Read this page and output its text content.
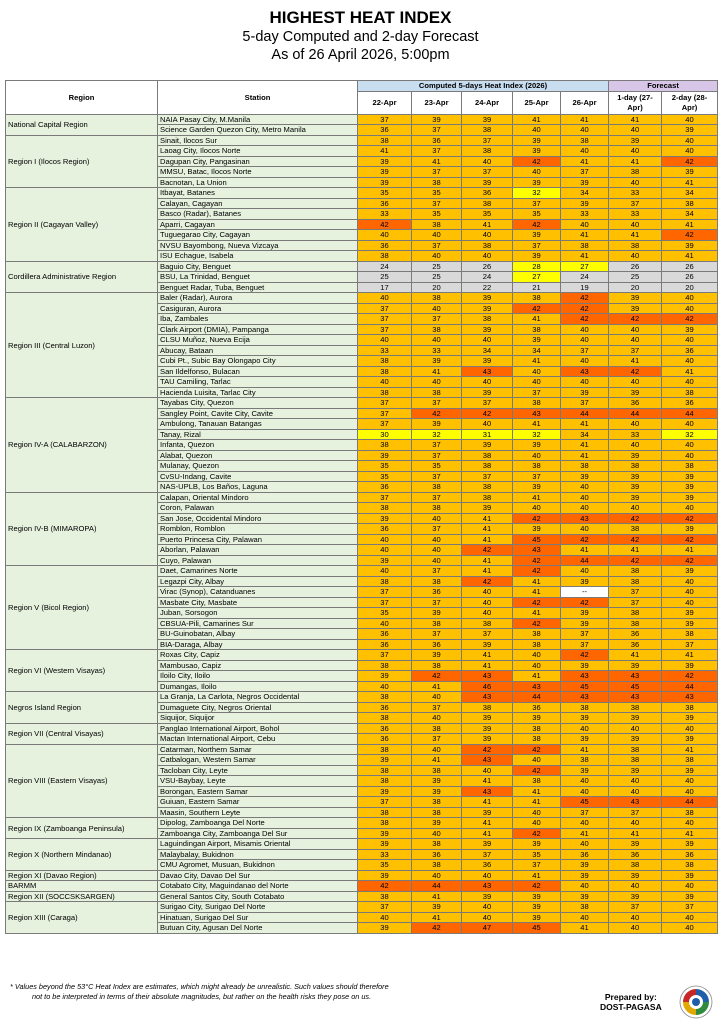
HIGHEST HEAT INDEX
5-day Computed and 2-day Forecast
As of 26 April 2026, 5:00pm
Region	Station	Computed 5-days Heat Index (2026)					Forecast	
		22-Apr	23-Apr	24-Apr	25-Apr	26-Apr	1-day (27-Apr)	2-day (28-Apr)
National Capital Region	NAIA Pasay City, M.Manila	37	39	39	41	41	41	40
	Science Garden Quezon City, Metro Manila	36	37	38	40	40	40	39
Region I (Ilocos Region)	Sinait, Ilocos Sur	38	36	37	39	38	39	40
	Laoag City, Ilocos Norte	41	37	38	39	40	40	40
	Dagupan City, Pangasinan	39	41	40	42	41	41	42
	MMSU, Batac, Ilocos Norte	39	37	37	40	37	38	39
	Bacnotan, La Union	39	38	39	39	39	40	41
Region II (Cagayan Valley)	Itbayat, Batanes	35	35	36	32	34	33	34
	Calayan, Cagayan	36	37	38	37	39	37	38
	Basco (Radar), Batanes	33	35	35	35	33	33	34
	Aparri, Cagayan	42	38	41	42	40	40	41
	Tuguegarao City, Cagayan	40	40	40	39	41	41	42
	NVSU Bayombong, Nueva Vizcaya	36	37	38	37	38	38	39
	ISU Echague, Isabela	38	40	40	39	41	40	41
Cordillera Administrative Region	Baguio City, Benguet	24	25	26	28	27	26	26
	BSU, La Trinidad, Benguet	25	25	24	27	24	25	26
	Benguet Radar, Tuba, Benguet	17	20	22	21	19	20	20
Region III (Central Luzon)	Baler (Radar), Aurora	40	38	39	38	42	39	40
	Casiguran, Aurora	37	40	39	42	42	39	40
	Iba, Zambales	37	37	38	41	42	42	42
	Clark Airport (DMIA), Pampanga	37	38	39	38	40	40	39
	CLSU Muñoz, Nueva Ecija	40	40	40	39	40	40	40
	Abucay, Bataan	33	33	34	34	37	37	36
	Cubi Pt., Subic Bay Olongapo City	38	39	39	41	40	41	40
	San Ildelfonso, Bulacan	38	41	43	40	43	42	41
	TAU Camiling, Tarlac	40	40	40	40	40	40	40
	Hacienda Luisita, Tarlac City	38	38	39	37	39	39	38
Region IV-A (CALABARZON)	Tayabas City, Quezon	37	37	37	38	37	36	36
	Sangley Point, Cavite City, Cavite	37	42	42	43	44	44	44
	Ambulong, Tanauan Batangas	37	39	40	41	41	40	40
	Tanay, Rizal	30	32	31	32	34	33	32
	Infanta, Quezon	38	37	39	39	41	40	40
	Alabat, Quezon	39	37	38	40	41	39	40
	Mulanay, Quezon	35	35	38	38	38	38	38
	CvSU-Indang, Cavite	35	37	37	37	39	39	39
	NAS-UPLB, Los Baños, Laguna	36	38	38	39	40	39	39
Region IV-B (MIMAROPA)	Calapan, Oriental Mindoro	37	37	38	41	40	39	39
	Coron, Palawan	38	38	39	40	40	40	40
	San Jose, Occidental Mindoro	39	40	41	42	43	42	42
	Romblon, Romblon	36	37	41	39	40	38	39
	Puerto Princesa City, Palawan	40	40	41	45	42	42	42
	Aborlan, Palawan	40	40	42	43	41	41	41
	Cuyo, Palawan	39	40	41	42	44	42	42
Region V (Bicol Region)	Daet, Camarines Norte	40	37	41	42	40	38	39
	Legazpi City, Albay	38	38	42	41	39	38	40
	Virac (Synop), Catanduanes	37	36	40	41	--	37	40
	Masbate City, Masbate	37	37	40	42	42	37	40
	Juban, Sorsogon	35	39	40	41	39	38	39
	CBSUA-Pili, Camarines Sur	40	38	38	42	39	38	39
	BU-Guinobatan, Albay	36	37	37	38	37	36	38
	BIA-Daraga, Albay	36	36	39	38	37	36	37
Region VI (Western Visayas)	Roxas City, Capiz	37	39	41	40	42	41	41
	Mambusao, Capiz	38	38	41	40	39	39	39
	Iloilo City, Iloilo	39	42	43	41	43	43	42
	Dumangas, Iloilo	40	41	46	43	45	45	44
Negros Island Region	La Granja, La Carlota, Negros Occidental	38	40	43	44	43	43	43
	Dumaguete City, Negros Oriental	36	37	38	36	38	38	38
	Siquijor, Siquijor	38	40	39	39	39	39	39
Region VII (Central Visayas)	Panglao International Airport, Bohol	36	38	39	38	40	40	40
	Mactan International Airport, Cebu	36	37	39	38	39	39	39
Region VIII (Eastern Visayas)	Catarman, Northern Samar	38	40	42	42	41	38	41
	Catbalogan, Western Samar	39	41	43	40	38	38	38
	Tacloban City, Leyte	38	38	40	42	39	39	39
	VSU-Baybay, Leyte	38	39	41	38	40	40	40
	Borongan, Eastern Samar	39	39	43	41	40	40	40
	Guiuan, Eastern Samar	37	38	41	41	45	43	44
	Maasin, Southern Leyte	38	38	39	40	37	37	38
Region IX (Zamboanga Peninsula)	Dipolog, Zamboanga Del Norte	38	39	41	40	40	40	40
	Zamboanga City, Zamboanga Del Sur	39	40	41	42	41	41	41
Region X (Northern Mindanao)	Laguindingan Airport, Misamis Oriental	39	38	39	39	40	39	39
	Malaybalay, Bukidnon	33	36	37	35	36	36	36
	CMU Agromet, Musuan, Bukidnon	35	38	36	37	39	38	38
Region XI (Davao Region)	Davao City, Davao Del Sur	39	40	40	41	39	39	39
BARMM	Cotabato City, Maguindanao del Norte	42	44	43	42	40	40	40
Region XII (SOCCSKSARGEN)	General Santos City, South Cotabato	38	41	39	39	39	39	39
Region XIII (Caraga)	Surigao City, Surigao Del Norte	37	39	40	39	38	37	37
	Hinatuan, Surigao Del Sur	40	41	40	39	40	40	40
	Butuan City, Agusan Del Norte	39	42	47	45	41	40	40
* Values beyond the 53°C Heat Index are estimates, which might already be unrealistic. Such values should therefore
not to be interpreted in terms of their absolute magnitudes, but rather on the health risks they pose on us.	Prepared by:
DOST-PAGASA
